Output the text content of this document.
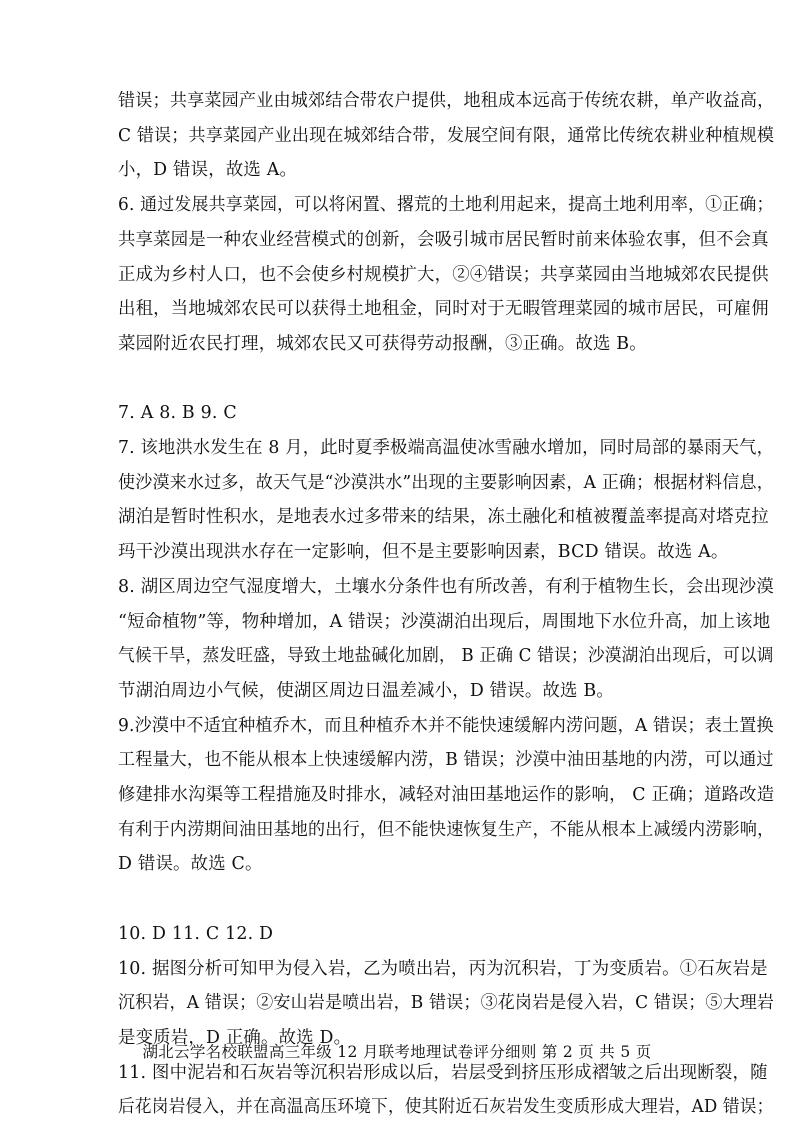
错误；共享菜园产业由城郊结合带农户提供，地租成本远高于传统农耕，单产收益高，
C 错误；共享菜园产业出现在城郊结合带，发展空间有限，通常比传统农耕业种植规模
小，D 错误，故选 A。
6. 通过发展共享菜园，可以将闲置、撂荒的土地利用起来，提高土地利用率，①正确；
共享菜园是一种农业经营模式的创新，会吸引城市居民暂时前来体验农事，但不会真
正成为乡村人口，也不会使乡村规模扩大，②④错误；共享菜园由当地城郊农民提供
出租，当地城郊农民可以获得土地租金，同时对于无暇管理菜园的城市居民，可雇佣
菜园附近农民打理，城郊农民又可获得劳动报酬，③正确。故选 B。
7. A 8. B 9. C
7. 该地洪水发生在 8 月，此时夏季极端高温使冰雪融水增加，同时局部的暴雨天气，
使沙漠来水过多，故天气是“沙漠洪水”出现的主要影响因素，A 正确；根据材料信息，
湖泊是暂时性积水，是地表水过多带来的结果，冻土融化和植被覆盖率提高对塔克拉
玛干沙漠出现洪水存在一定影响，但不是主要影响因素，BCD 错误。故选 A。
8. 湖区周边空气湿度增大，土壤水分条件也有所改善，有利于植物生长，会出现沙漠
“短命植物”等，物种增加，A 错误；沙漠湖泊出现后，周围地下水位升高，加上该地
气候干旱，蒸发旺盛，导致土地盐碱化加剧， B 正确 C 错误；沙漠湖泊出现后，可以调
节湖泊周边小气候，使湖区周边日温差减小，D 错误。故选 B。
9.沙漠中不适宜种植乔木，而且种植乔木并不能快速缓解内涝问题，A 错误；表土置换
工程量大，也不能从根本上快速缓解内涝，B 错误；沙漠中油田基地的内涝，可以通过
修建排水沟渠等工程措施及时排水，减轻对油田基地运作的影响， C 正确；道路改造
有利于内涝期间油田基地的出行，但不能快速恢复生产，不能从根本上减缓内涝影响，
D 错误。故选 C。
10. D 11. C 12. D
10. 据图分析可知甲为侵入岩，乙为喷出岩，丙为沉积岩，丁为变质岩。①石灰岩是
沉积岩，A 错误；②安山岩是喷出岩，B 错误；③花岗岩是侵入岩，C 错误；⑤大理岩
是变质岩，D 正确。故选 D。
11. 图中泥岩和石灰岩等沉积岩形成以后，岩层受到挤压形成褶皱之后出现断裂，随
后花岗岩侵入，并在高温高压环境下，使其附近石灰岩发生变质形成大理岩，AD 错误；
湖北云学名校联盟高三年级 12 月联考地理试卷评分细则 第 2 页 共 5 页
